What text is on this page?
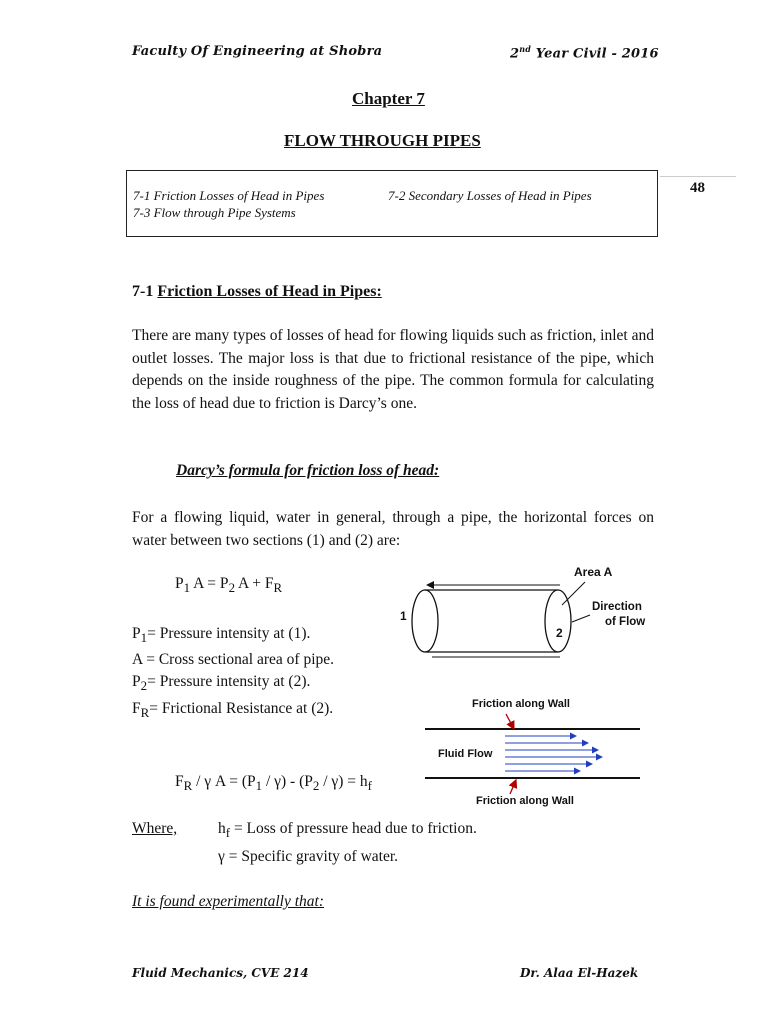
Faculty Of Engineering at Shobra	2nd Year Civil - 2016
Chapter 7
FLOW THROUGH PIPES
48
7-1 Friction Losses of Head in Pipes	7-2 Secondary Losses of Head in Pipes
7-3 Flow through Pipe Systems
7-1 Friction Losses of Head in Pipes:
There are many types of losses of head for flowing liquids such as friction, inlet and outlet losses. The major loss is that due to frictional resistance of the pipe, which depends on the inside roughness of the pipe. The common formula for calculating the loss of head due to friction is Darcy’s one.
Darcy’s formula for friction loss of head:
For a flowing liquid, water in general, through a pipe, the horizontal forces on water between two sections (1) and (2) are:
$P_1$ $A = P_2$ $A + F_R$
$P_1=$ Pressure intensity at (1).
A = Cross sectional area of pipe.
$P_2=$ Pressure intensity at (2).
$F_R=$ Frictional Resistance at (2).
$F_R$ / γ $A = (P_1 / \gamma) - (P_2 / \gamma) = h_f$
Where,	$h_f$ = Loss of pressure head due to friction.
γ = Specific gravity of water.
It is found experimentally that:
1
2
Area A
Direction
of Flow
Friction along Wall
Fluid Flow
Friction along Wall
Fluid Mechanics, CVE 214	Dr. Alaa El-Hazek
